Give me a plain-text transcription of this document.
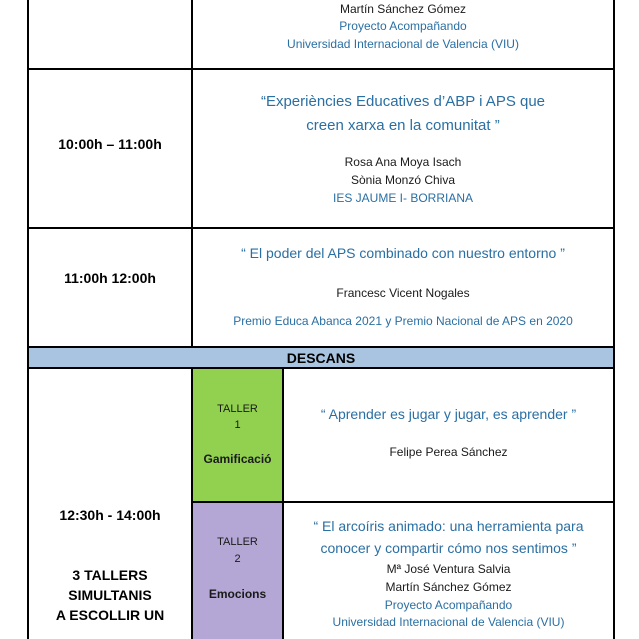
Martín Sánchez Gómez
Proyecto Acompañando
Universidad Internacional de Valencia (VIU)
10:00h – 11:00h
“Experiències Educatives d’ABP i APS que
creen xarxa en la comunitat ”
Rosa Ana Moya Isach
Sònia Monzó Chiva
IES JAUME I- BORRIANA
11:00h 12:00h
“ El poder del APS combinado con nuestro entorno ”
Francesc Vicent Nogales
Premio Educa Abanca 2021 y Premio Nacional de APS en 2020
DESCANS
12:30h - 14:00h
3 TALLERS
SIMULTANIS
A ESCOLLIR UN
TALLER
1
Gamificació
“ Aprender es jugar y jugar, es aprender ”
Felipe Perea Sánchez
TALLER
2
Emocions
“ El arcoíris animado: una herramienta para
conocer y compartir cómo nos sentimos ”
Mª José Ventura Salvia
Martín Sánchez Gómez
Proyecto Acompañando
Universidad Internacional de Valencia (VIU)
